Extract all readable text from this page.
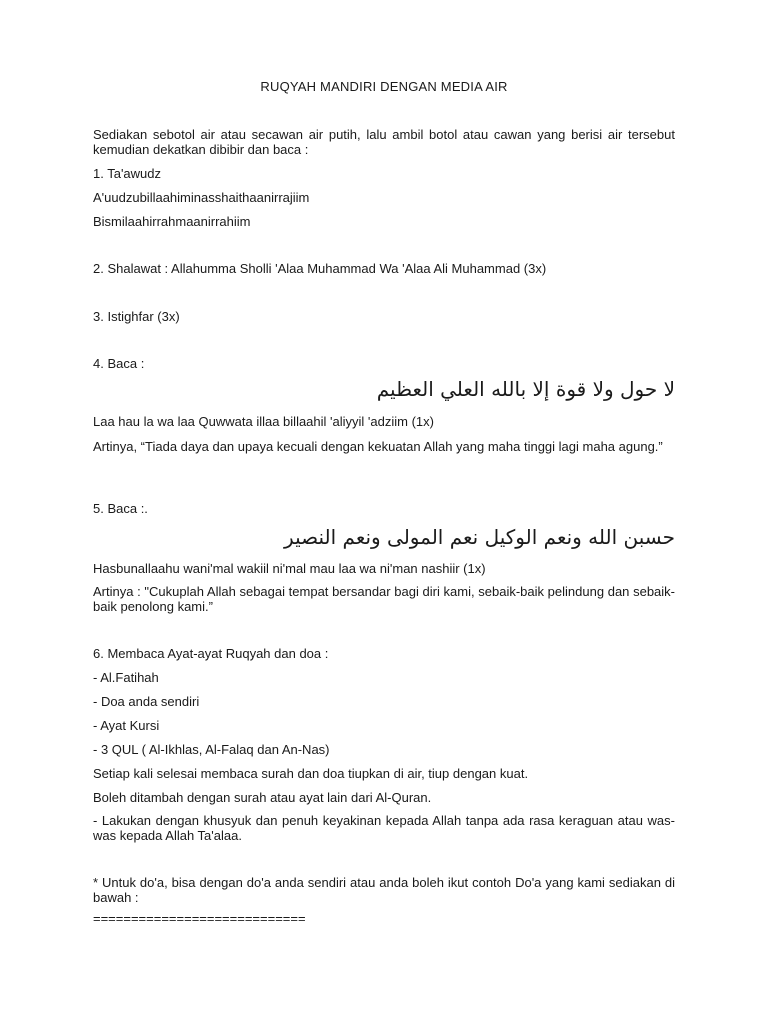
RUQYAH MANDIRI DENGAN MEDIA AIR

Sediakan sebotol air atau secawan air putih, lalu ambil botol atau cawan yang berisi air tersebut kemudian dekatkan dibibir dan baca :

1. Ta'awudz

A'uudzubillaahiminasshaithaanirrajiim

Bismilaahirrahmaanirrahiim

2. Shalawat : Allahumma Sholli 'Alaa Muhammad Wa 'Alaa Ali Muhammad (3x)

3. Istighfar (3x)

4. Baca :

لا حول ولا قوة إلا بالله العلي العظيم

Laa hau la wa laa Quwwata illaa billaahil 'aliyyil 'adziim (1x)

Artinya, “Tiada daya dan upaya kecuali dengan kekuatan Allah yang maha tinggi lagi maha agung.”

5. Baca :.

حسبن الله ونعم الوكيل نعم المولى ونعم النصير

Hasbunallaahu wani'mal wakiil ni'mal mau laa wa ni'man nashiir (1x)

Artinya : "Cukuplah Allah sebagai tempat bersandar bagi diri kami, sebaik-baik pelindung dan sebaik-baik penolong kami.”

6. Membaca Ayat-ayat Ruqyah dan doa :

- Al.Fatihah

- Doa anda sendiri

- Ayat Kursi

- 3 QUL ( Al-Ikhlas, Al-Falaq dan An-Nas)

Setiap kali selesai membaca surah dan doa tiupkan di air, tiup dengan kuat.

Boleh ditambah dengan surah atau ayat lain dari Al-Quran.

- Lakukan dengan khusyuk dan penuh keyakinan kepada Allah tanpa ada rasa keraguan atau was-was kepada Allah Ta'alaa.

* Untuk do'a, bisa dengan do'a anda sendiri atau anda boleh ikut contoh Do'a yang kami sediakan di bawah :

============================
